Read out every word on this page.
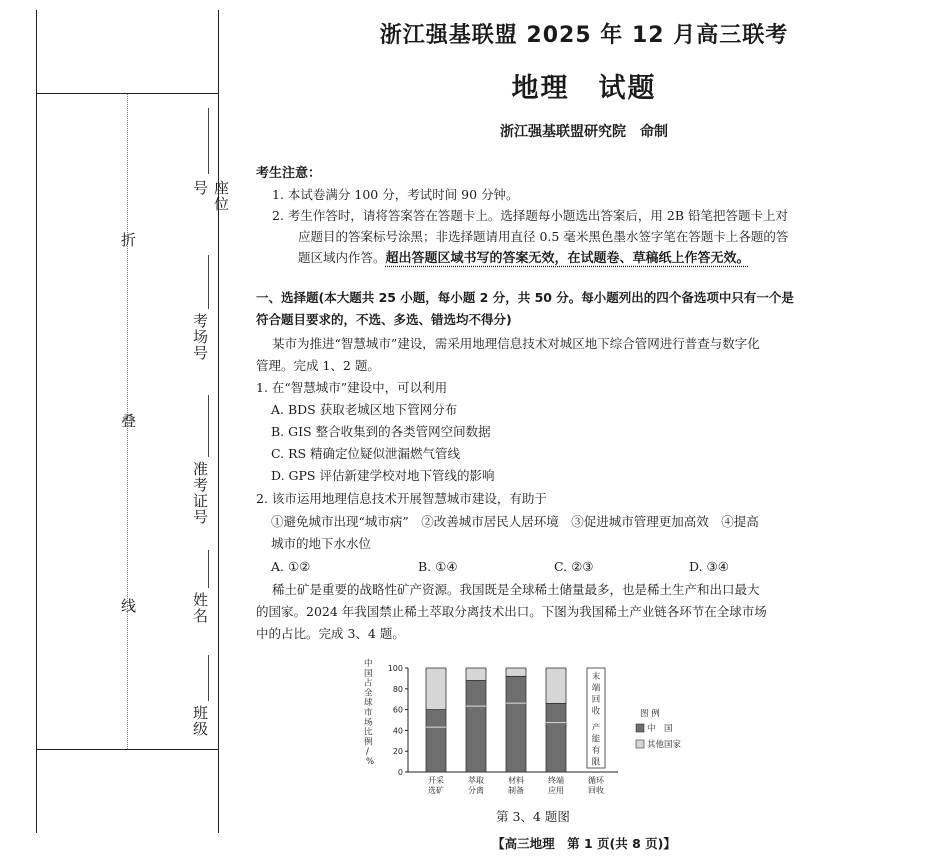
折
叠
线
座位号
考场号
准考证号
姓名
班级
浙江强基联盟 2025 年 12 月高三联考
地理　试题
浙江强基联盟研究院　命制
考生注意：
1. 本试卷满分 100 分，考试时间 90 分钟。
2. 考生作答时，请将答案答在答题卡上。选择题每小题选出答案后，用 2B 铅笔把答题卡上对
应题目的答案标号涂黑；非选择题请用直径 0.5 毫米黑色墨水签字笔在答题卡上各题的答
题区域内作答。超出答题区域书写的答案无效，在试题卷、草稿纸上作答无效。
一、选择题(本大题共 25 小题，每小题 2 分，共 50 分。每小题列出的四个备选项中只有一个是
符合题目要求的，不选、多选、错选均不得分)
某市为推进“智慧城市”建设，需采用地理信息技术对城区地下综合管网进行普查与数字化
管理。完成 1、2 题。
1. 在“智慧城市”建设中，可以利用
A. BDS 获取老城区地下管网分布
B. GIS 整合收集到的各类管网空间数据
C. RS 精确定位疑似泄漏燃气管线
D. GPS 评估新建学校对地下管线的影响
2. 该市运用地理信息技术开展智慧城市建设，有助于
①避免城市出现“城市病”　②改善城市居民人居环境　③促进城市管理更加高效　④提高
城市的地下水水位
A. ①②	B. ①④	C. ②③	D. ③④
稀土矿是重要的战略性矿产资源。我国既是全球稀土储量最多，也是稀土生产和出口最大
的国家。2024 年我国禁止稀土萃取分离技术出口。下图为我国稀土产业链各环节在全球市场
中的占比。完成 3、4 题。
中
国
占
全
球
市
场
比
例
/
%
100
80
60
40
20
0
开采
选矿
萃取
分离
材料
制备
终端
应用
末
端
回
收
产
能
有
限
循环
回收
图 例
中　国
其他国家
第 3、4 题图
【高三地理　第 1 页(共 8 页)】
